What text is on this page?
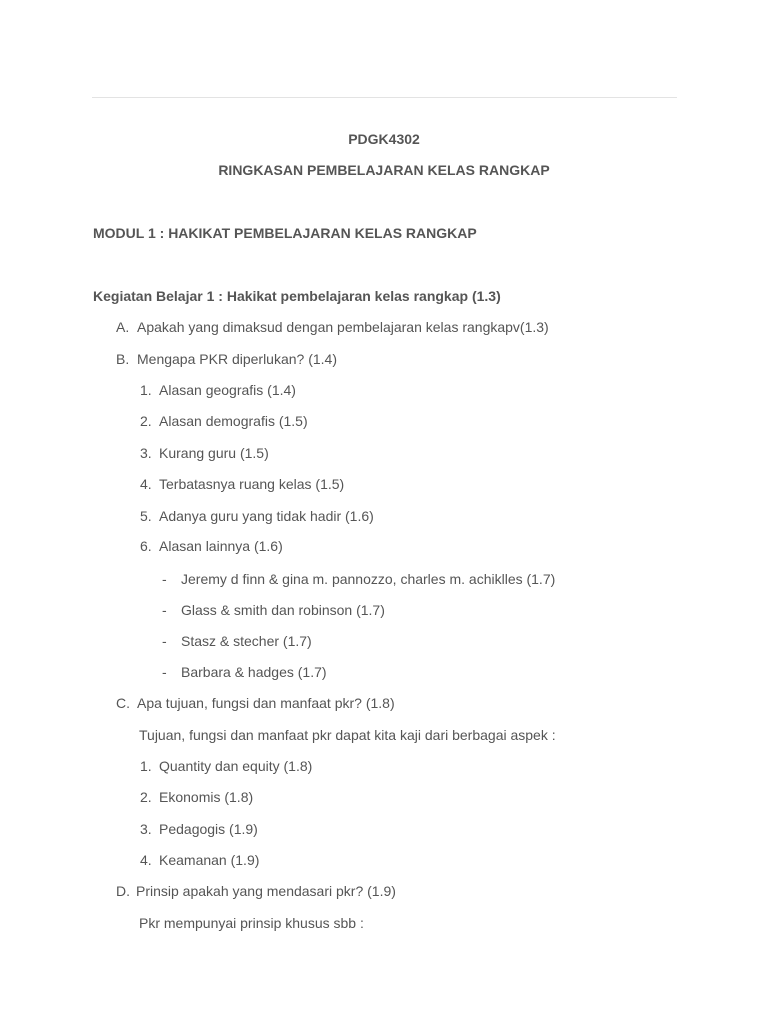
PDGK4302
RINGKASAN PEMBELAJARAN KELAS RANGKAP
MODUL 1 : HAKIKAT PEMBELAJARAN KELAS RANGKAP
Kegiatan Belajar 1 : Hakikat pembelajaran kelas rangkap (1.3)
A. Apakah yang dimaksud dengan pembelajaran kelas rangkapv(1.3)
B. Mengapa PKR diperlukan? (1.4)
1. Alasan geografis (1.4)
2. Alasan demografis (1.5)
3. Kurang guru (1.5)
4. Terbatasnya ruang kelas (1.5)
5. Adanya guru yang tidak hadir (1.6)
6. Alasan lainnya (1.6)
- Jeremy d finn & gina m. pannozzo, charles m. achiklles (1.7)
- Glass & smith dan robinson (1.7)
- Stasz & stecher (1.7)
- Barbara & hadges (1.7)
C. Apa tujuan, fungsi dan manfaat pkr? (1.8)
Tujuan, fungsi dan manfaat pkr dapat kita kaji dari berbagai aspek :
1. Quantity dan equity (1.8)
2. Ekonomis (1.8)
3. Pedagogis (1.9)
4. Keamanan (1.9)
D. Prinsip apakah yang mendasari pkr? (1.9)
Pkr mempunyai prinsip khusus sbb :
